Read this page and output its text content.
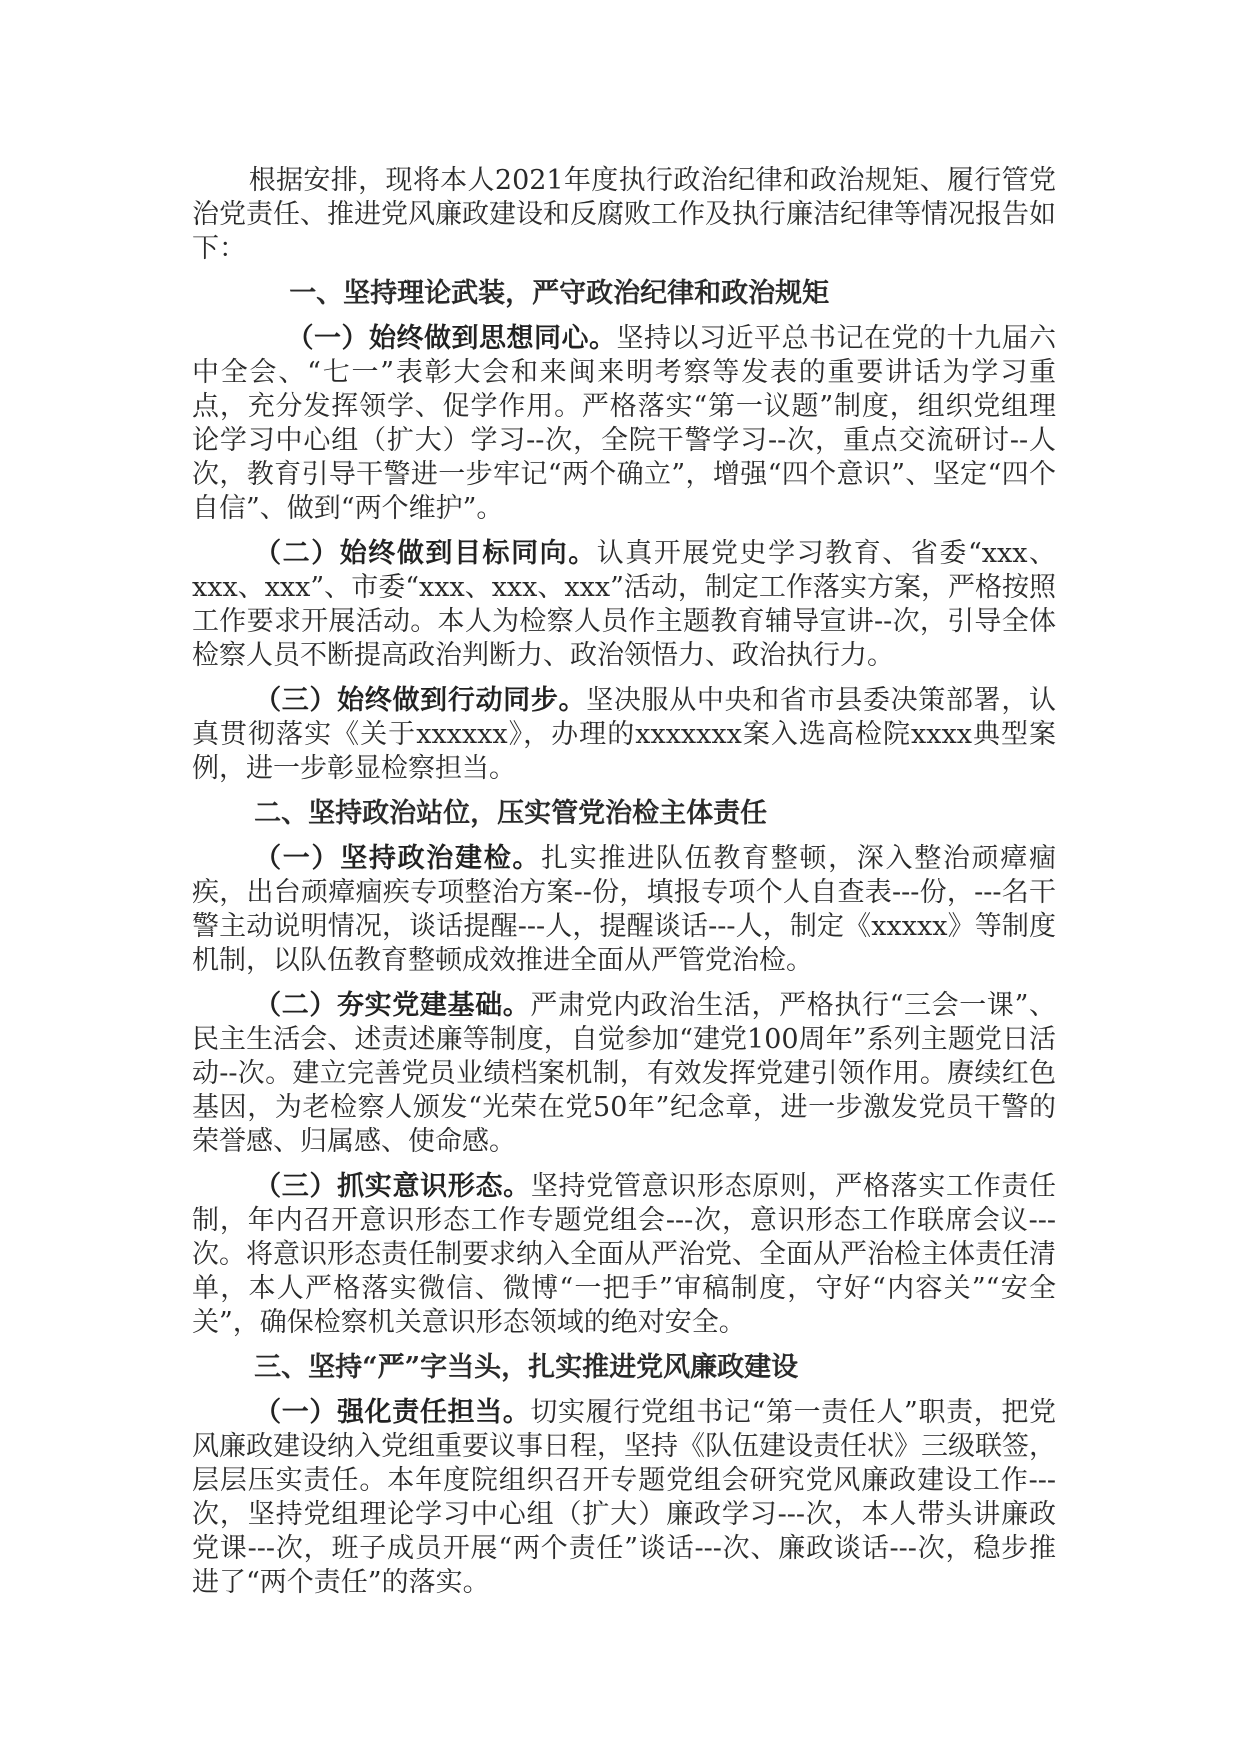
根据安排，现将本人2021年度执行政治纪律和政治规矩、履行管党治党责任、推进党风廉政建设和反腐败工作及执行廉洁纪律等情况报告如下：

一、坚持理论武装，严守政治纪律和政治规矩

（一）始终做到思想同心。坚持以习近平总书记在党的十九届六中全会、“七一”表彰大会和来闽来明考察等发表的重要讲话为学习重点，充分发挥领学、促学作用。严格落实“第一议题”制度，组织党组理论学习中心组（扩大）学习--次，全院干警学习--次，重点交流研讨--人次，教育引导干警进一步牢记“两个确立”，增强“四个意识”、坚定“四个自信”、做到“两个维护”。

（二）始终做到目标同向。认真开展党史学习教育、省委“xxx、xxx、xxx”、市委“xxx、xxx、xxx”活动，制定工作落实方案，严格按照工作要求开展活动。本人为检察人员作主题教育辅导宣讲--次，引导全体检察人员不断提高政治判断力、政治领悟力、政治执行力。

（三）始终做到行动同步。坚决服从中央和省市县委决策部署，认真贯彻落实《关于xxxxxx》，办理的xxxxxxx案入选高检院xxxx典型案例，进一步彰显检察担当。

二、坚持政治站位，压实管党治检主体责任

（一）坚持政治建检。扎实推进队伍教育整顿，深入整治顽瘴痼疾，出台顽瘴痼疾专项整治方案--份，填报专项个人自查表---份，---名干警主动说明情况，谈话提醒---人，提醒谈话---人，制定《xxxxx》等制度机制，以队伍教育整顿成效推进全面从严管党治检。

（二）夯实党建基础。严肃党内政治生活，严格执行“三会一课”、民主生活会、述责述廉等制度，自觉参加“建党100周年”系列主题党日活动--次。建立完善党员业绩档案机制，有效发挥党建引领作用。赓续红色基因，为老检察人颁发“光荣在党50年”纪念章，进一步激发党员干警的荣誉感、归属感、使命感。

（三）抓实意识形态。坚持党管意识形态原则，严格落实工作责任制，年内召开意识形态工作专题党组会---次，意识形态工作联席会议---次。将意识形态责任制要求纳入全面从严治党、全面从严治检主体责任清单，本人严格落实微信、微博“一把手”审稿制度，守好“内容关”“安全关”，确保检察机关意识形态领域的绝对安全。

三、坚持“严”字当头，扎实推进党风廉政建设

（一）强化责任担当。切实履行党组书记“第一责任人”职责，把党风廉政建设纳入党组重要议事日程，坚持《队伍建设责任状》三级联签，层层压实责任。本年度院组织召开专题党组会研究党风廉政建设工作---次，坚持党组理论学习中心组（扩大）廉政学习---次，本人带头讲廉政党课---次，班子成员开展“两个责任”谈话---次、廉政谈话---次，稳步推进了“两个责任”的落实。
